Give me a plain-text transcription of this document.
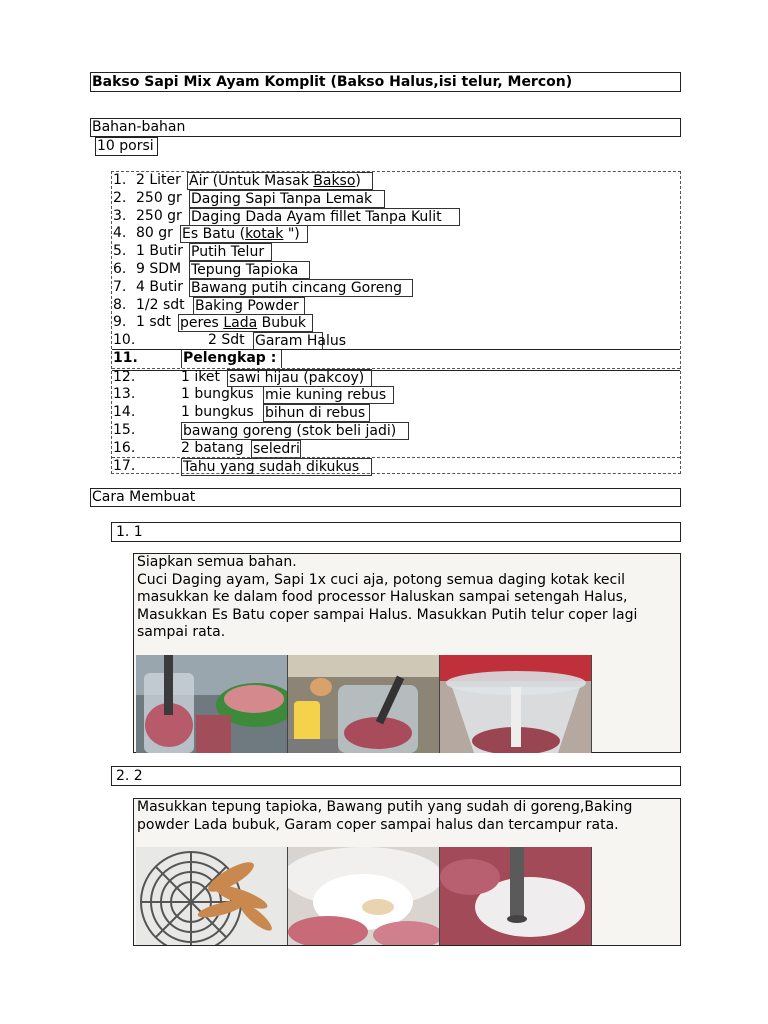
Bakso Sapi Mix Ayam Komplit (Bakso Halus,isi telur, Mercon)
Bahan-bahan
10 porsi
1. 2 Liter Air (Untuk Masak Bakso)
2. 250 gr Daging Sapi Tanpa Lemak
3. 250 gr Daging Dada Ayam fillet Tanpa Kulit
4. 80 gr Es Batu (kotak ")
5. 1 Butir Putih Telur
6. 9 SDM Tepung Tapioka
7. 4 Butir Bawang putih cincang Goreng
8. 1/2 sdt Baking Powder
9. 1 sdt peres Lada Bubuk
10.	2 Sdt Garam Halus
11.	Pelengkap :
12.	1 iket sawi hijau (pakcoy)
13.	1 bungkus mie kuning rebus
14.	1 bungkus bihun di rebus
15.	bawang goreng (stok beli jadi)
16.	2 batang seledri
17.	Tahu yang sudah dikukus
Cara Membuat
1. 1
Siapkan semua bahan.
Cuci Daging ayam, Sapi 1x cuci aja, potong semua daging kotak kecil
masukkan ke dalam food processor Haluskan sampai setengah Halus,
Masukkan Es Batu coper sampai Halus. Masukkan Putih telur coper lagi
sampai rata.
2. 2
Masukkan tepung tapioka, Bawang putih yang sudah di goreng,Baking
powder Lada bubuk, Garam coper sampai halus dan tercampur rata.
